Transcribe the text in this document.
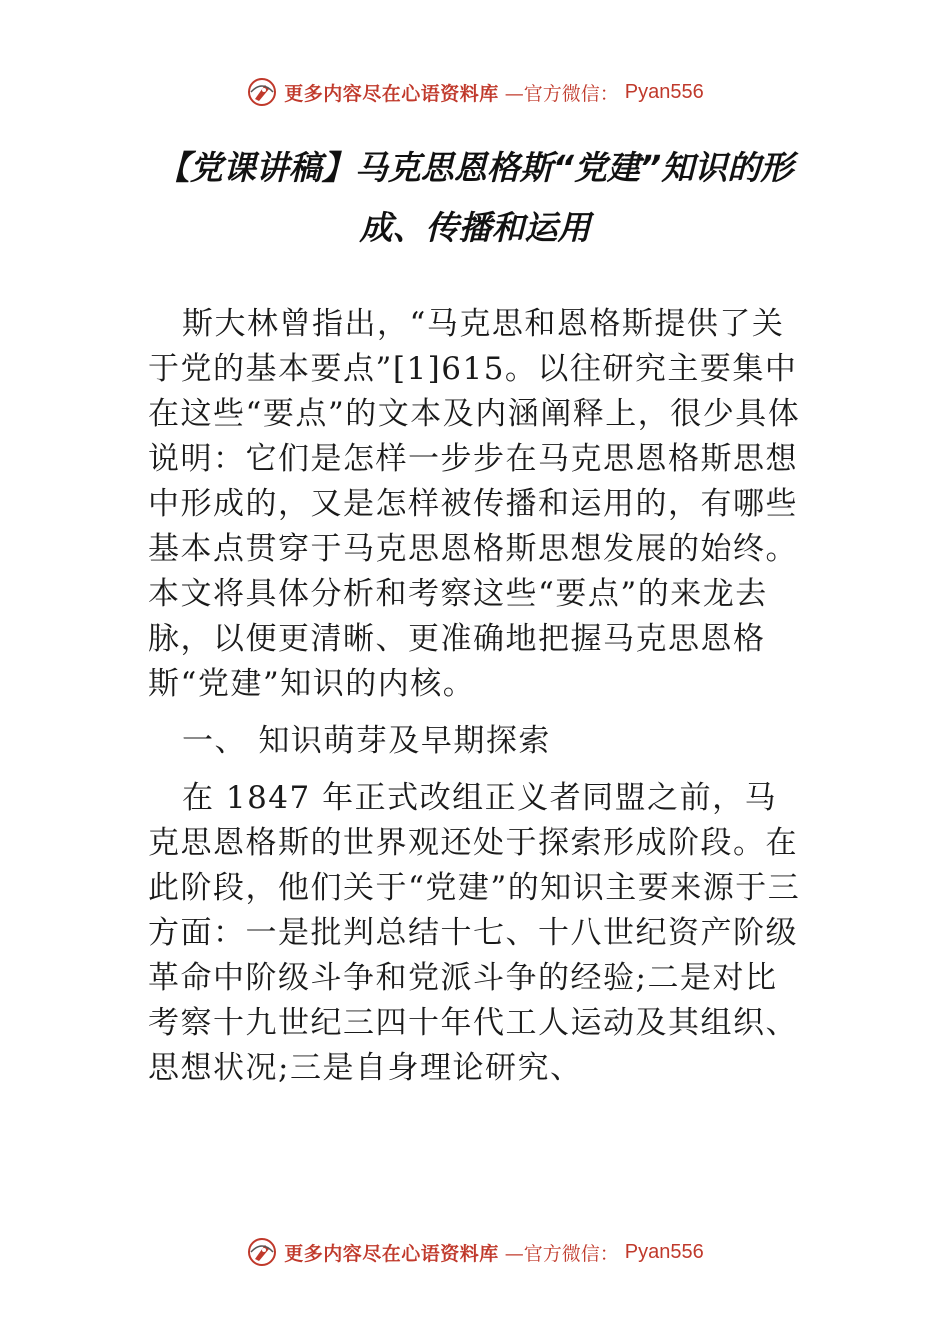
更多内容尽在心语资料库 —官方微信： Pyan556
【党课讲稿】马克思恩格斯“党建”知识的形
成、传播和运用

斯大林曾指出，“马克思和恩格斯提供了关于党的基本要点”[1]615。以往研究主要集中在这些“要点”的文本及内涵阐释上，很少具体说明：它们是怎样一步步在马克思恩格斯思想中形成的，又是怎样被传播和运用的，有哪些基本点贯穿于马克思恩格斯思想发展的始终。本文将具体分析和考察这些“要点”的来龙去脉，以便更清晰、更准确地把握马克思恩格斯“党建”知识的内核。

一、 知识萌芽及早期探索

在 1847 年正式改组正义者同盟之前，马克思恩格斯的世界观还处于探索形成阶段。在此阶段，他们关于“党建”的知识主要来源于三方面：一是批判总结十七、十八世纪资产阶级革命中阶级斗争和党派斗争的经验;二是对比考察十九世纪三四十年代工人运动及其组织、思想状况;三是自身理论研究、

更多内容尽在心语资料库 —官方微信： Pyan556
